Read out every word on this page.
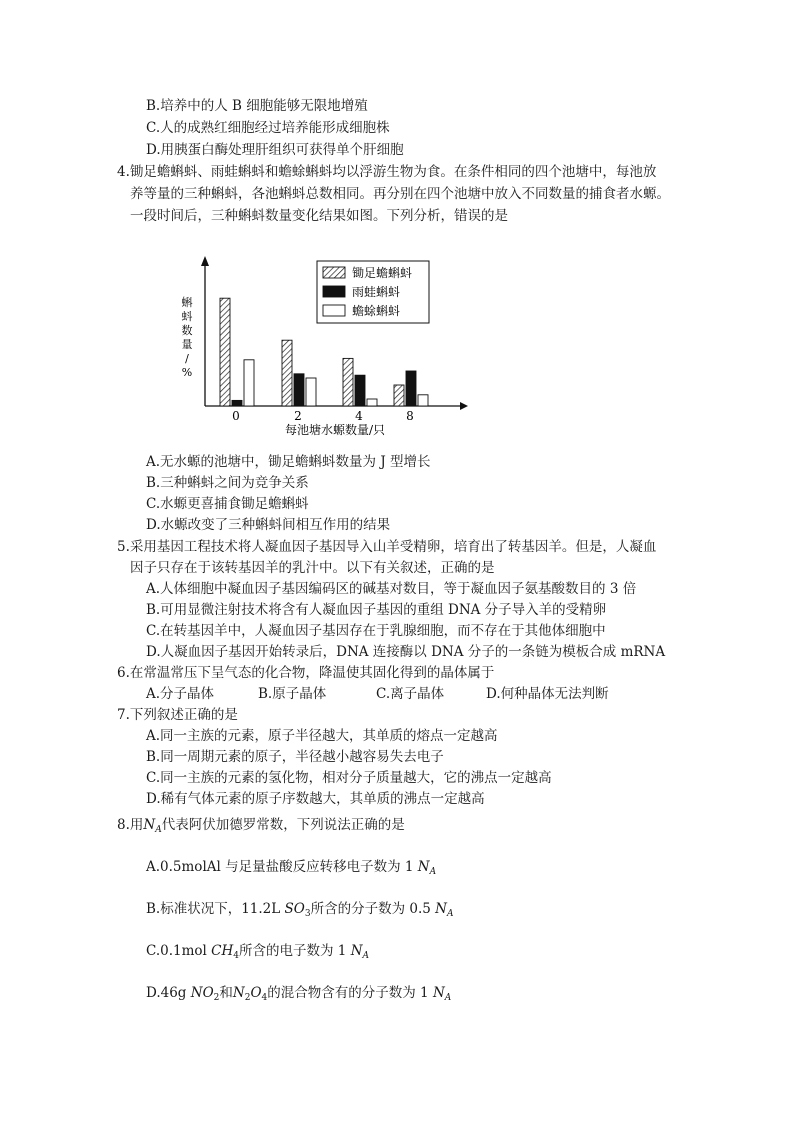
B.培养中的人 B 细胞能够无限地增殖
C.人的成熟红细胞经过培养能形成细胞株
D.用胰蛋白酶处理肝组织可获得单个肝细胞
4.锄足蟾蝌蚪、雨蛙蝌蚪和蟾蜍蝌蚪均以浮游生物为食。在条件相同的四个池塘中，每池放
养等量的三种蝌蚪，各池蝌蚪总数相同。再分别在四个池塘中放入不同数量的捕食者水螈。
一段时间后，三种蝌蚪数量变化结果如图。下列分析，错误的是
0	2	4	8
每池塘水螈数量/只
蝌蚪数量/ %
锄足蟾蝌蚪
雨蛙蝌蚪
蟾蜍蝌蚪
A.无水螈的池塘中，锄足蟾蝌蚪数量为 J 型增长
B.三种蝌蚪之间为竞争关系
C.水螈更喜捕食锄足蟾蝌蚪
D.水螈改变了三种蝌蚪间相互作用的结果
5.采用基因工程技术将人凝血因子基因导入山羊受精卵，培育出了转基因羊。但是，人凝血
因子只存在于该转基因羊的乳汁中。以下有关叙述，正确的是
A.人体细胞中凝血因子基因编码区的碱基对数目，等于凝血因子氨基酸数目的 3 倍
B.可用显微注射技术将含有人凝血因子基因的重组 DNA 分子导入羊的受精卵
C.在转基因羊中，人凝血因子基因存在于乳腺细胞，而不存在于其他体细胞中
D.人凝血因子基因开始转录后，DNA 连接酶以 DNA 分子的一条链为模板合成 mRNA
6.在常温常压下呈气态的化合物，降温使其固化得到的晶体属于
A.分子晶体	B.原子晶体	C.离子晶体	D.何种晶体无法判断
7.下列叙述正确的是
A.同一主族的元素，原子半径越大，其单质的熔点一定越高
B.同一周期元素的原子，半径越小越容易失去电子
C.同一主族的元素的氢化物，相对分子质量越大，它的沸点一定越高
D.稀有气体元素的原子序数越大，其单质的沸点一定越高
8.用$N_A$代表阿伏加德罗常数，下列说法正确的是
A.0.5molAl 与足量盐酸反应转移电子数为 1 $N_A$
B.标准状况下，11.2L $SO_3$所含的分子数为 0.5 $N_A$
C.0.1mol $CH_4$所含的电子数为 1 $N_A$
D.46g $NO_2$和$N_2O_4$的混合物含有的分子数为 1 $N_A$
